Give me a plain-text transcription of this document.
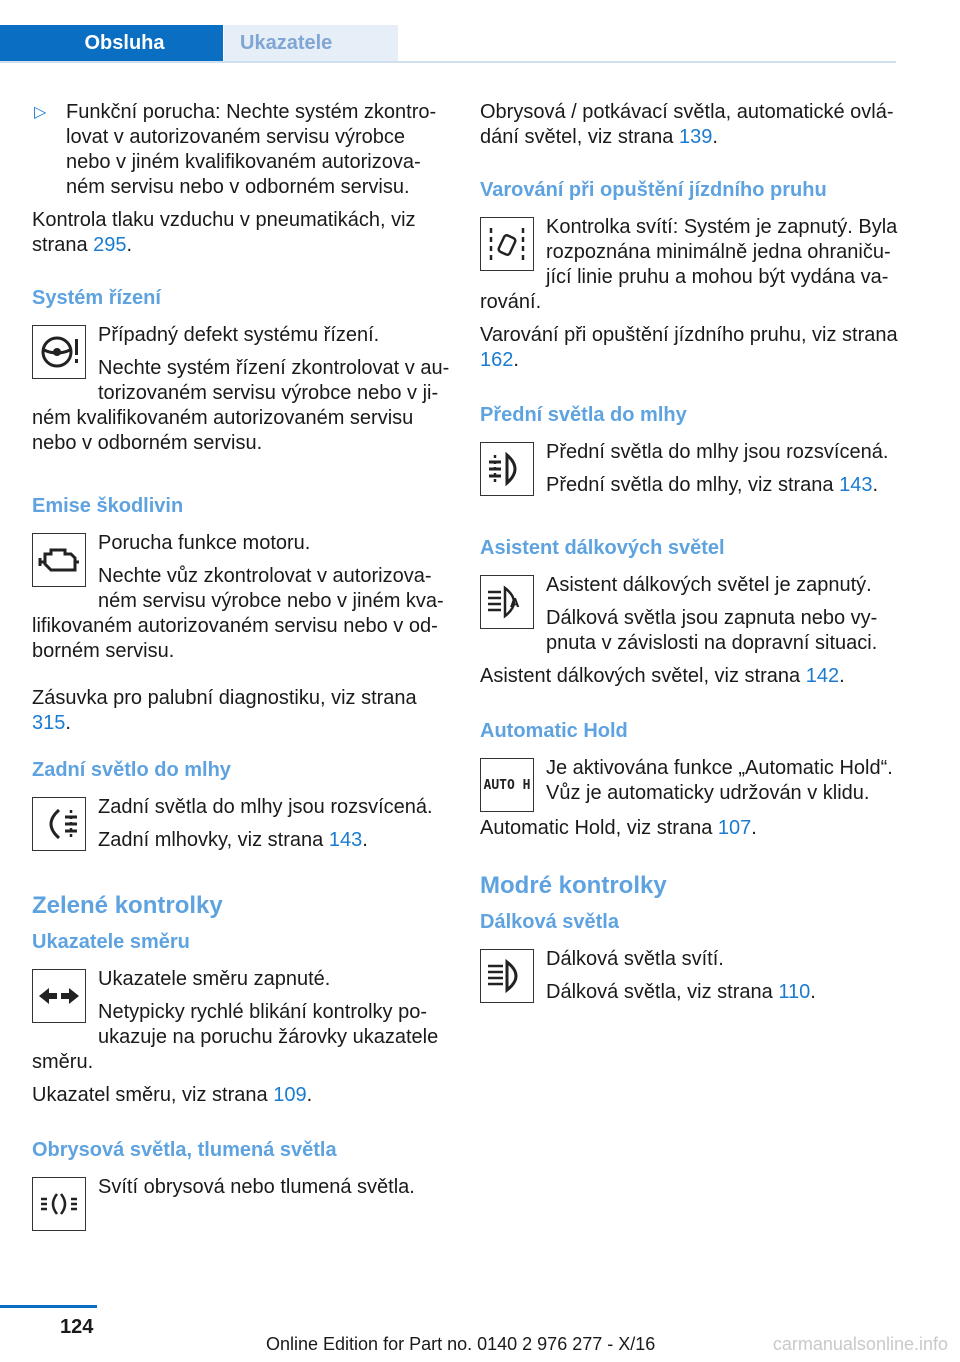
Obsluha	Ukazatele
▷ Funkční porucha: Nechte systém zkontro- lovat v autorizovaném servisu výrobce nebo v jiném kvalifikovaném autorizova- ném servisu nebo v odborném servisu.

Kontrola tlaku vzduchu v pneumatikách, viz strana 295.

Systém řízení

Případný defekt systému řízení.

Nechte systém řízení zkontrolovat v au- torizovaném servisu výrobce nebo v ji- ném kvalifikovaném autorizovaném servisu nebo v odborném servisu.

Emise škodlivin

Porucha funkce motoru.

Nechte vůz zkontrolovat v autorizova- ném servisu výrobce nebo v jiném kva- lifikovaném autorizovaném servisu nebo v od- borném servisu.

Zásuvka pro palubní diagnostiku, viz strana 315.

Zadní světlo do mlhy

Zadní světla do mlhy jsou rozsvícená.

Zadní mlhovky, viz strana 143.

Zelené kontrolky
Ukazatele směru

Ukazatele směru zapnuté.

Netypicky rychlé blikání kontrolky po- ukazuje na poruchu žárovky ukazatele směru.

Ukazatel směru, viz strana 109.

Obrysová světla, tlumená světla

Svítí obrysová nebo tlumená světla.

Obrysová / potkávací světla, automatické ovlá- dání světel, viz strana 139.

Varování při opuštění jízdního pruhu

Kontrolka svítí: Systém je zapnutý. Byla rozpoznána minimálně jedna ohraniču- jící linie pruhu a mohou být vydána va- rování.

Varování při opuštění jízdního pruhu, viz strana 162.

Přední světla do mlhy

Přední světla do mlhy jsou rozsvícená.

Přední světla do mlhy, viz strana 143.

Asistent dálkových světel
A

Asistent dálkových světel je zapnutý.

Dálková světla jsou zapnuta nebo vy- pnuta v závislosti na dopravní situaci.

Asistent dálkových světel, viz strana 142.

Automatic Hold
AUTO H

Je aktivována funkce „Automatic Hold“. Vůz je automaticky udržován v klidu.

Automatic Hold, viz strana 107.

Modré kontrolky
Dálková světla

Dálková světla svítí.

Dálková světla, viz strana 110.

124
Online Edition for Part no. 0140 2 976 277 - X/16	carmanualsonline.info
